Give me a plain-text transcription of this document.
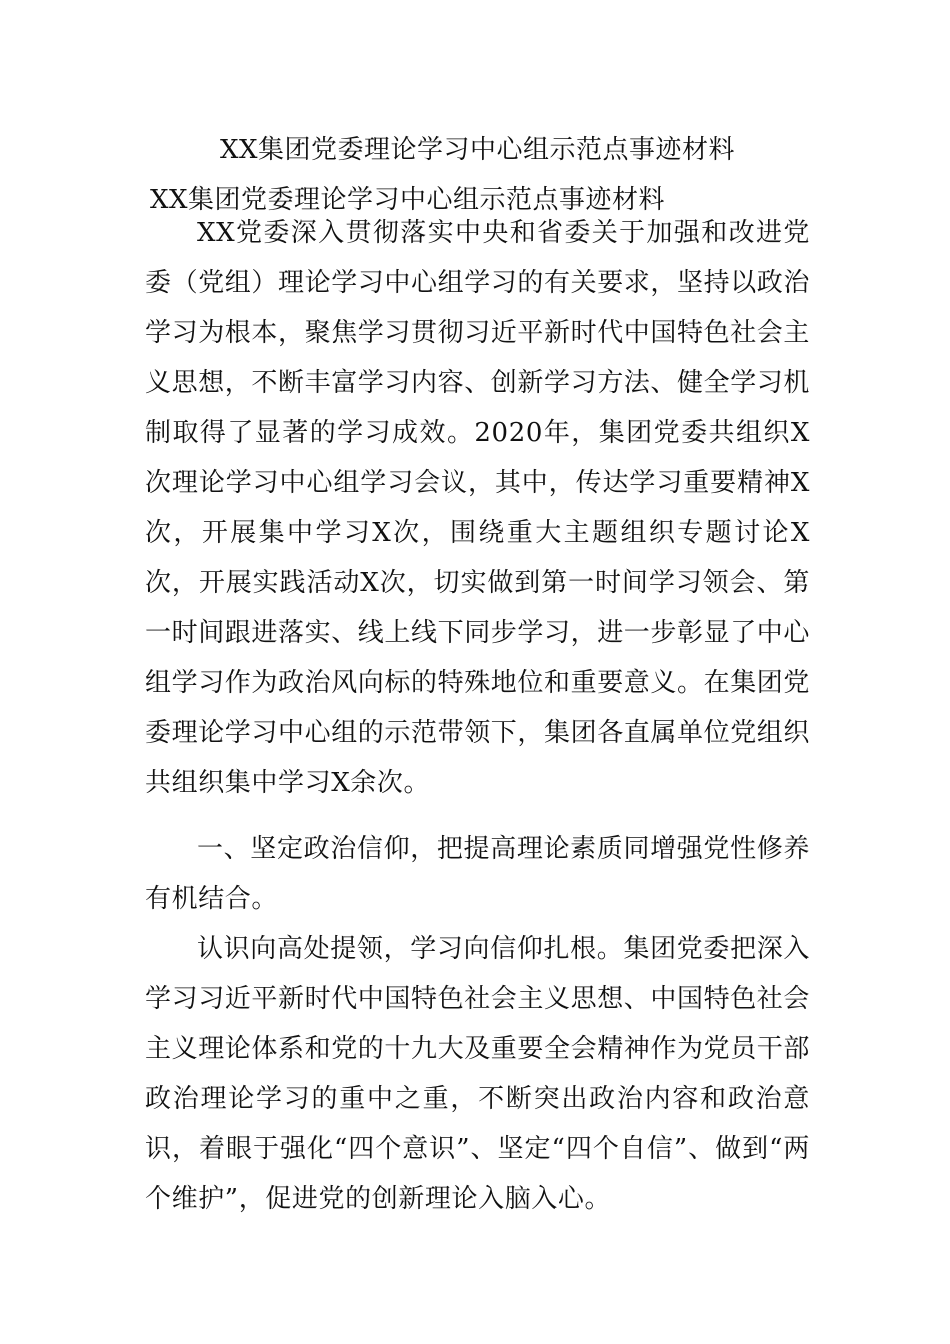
XX集团党委理论学习中心组示范点事迹材料
XX集团党委理论学习中心组示范点事迹材料

XX党委深入贯彻落实中央和省委关于加强和改进党委（党组）理论学习中心组学习的有关要求，坚持以政治学习为根本，聚焦学习贯彻习近平新时代中国特色社会主义思想，不断丰富学习内容、创新学习方法、健全学习机制取得了显著的学习成效。2020年，集团党委共组织X次理论学习中心组学习会议，其中，传达学习重要精神X次，开展集中学习X次，围绕重大主题组织专题讨论X次，开展实践活动X次，切实做到第一时间学习领会、第一时间跟进落实、线上线下同步学习，进一步彰显了中心组学习作为政治风向标的特殊地位和重要意义。在集团党委理论学习中心组的示范带领下，集团各直属单位党组织共组织集中学习X余次。

一、坚定政治信仰，把提高理论素质同增强党性修养有机结合。

认识向高处提领，学习向信仰扎根。集团党委把深入学习习近平新时代中国特色社会主义思想、中国特色社会主义理论体系和党的十九大及重要全会精神作为党员干部政治理论学习的重中之重，不断突出政治内容和政治意识，着眼于强化“四个意识”、坚定“四个自信”、做到“两个维护”，促进党的创新理论入脑入心。
